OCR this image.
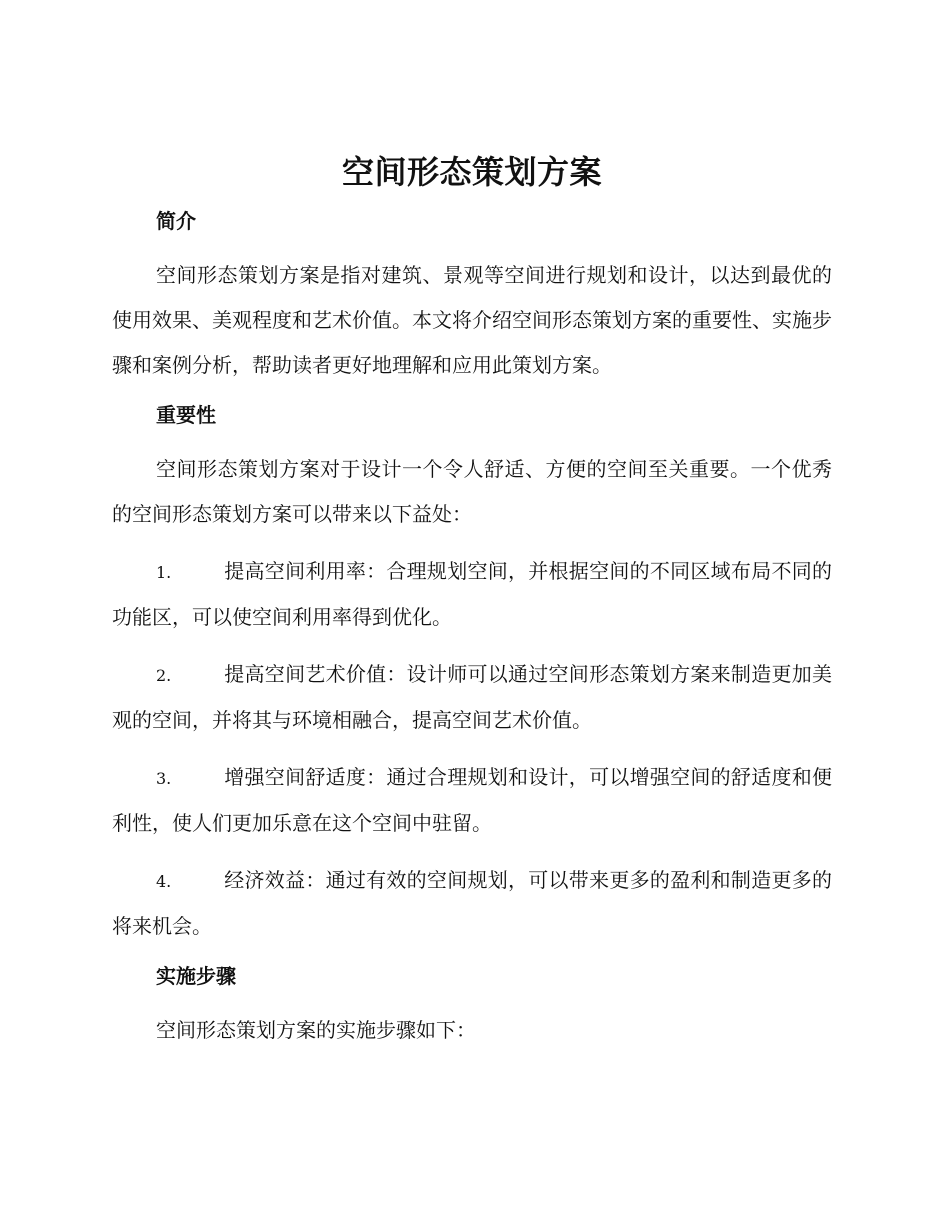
空间形态策划方案
简介

空间形态策划方案是指对建筑、景观等空间进行规划和设计，以达到最优的使用效果、美观程度和艺术价值。本文将介绍空间形态策划方案的重要性、实施步骤和案例分析，帮助读者更好地理解和应用此策划方案。

重要性

空间形态策划方案对于设计一个令人舒适、方便的空间至关重要。一个优秀的空间形态策划方案可以带来以下益处：

1.	提高空间利用率：合理规划空间，并根据空间的不同区域布局不同的功能区，可以使空间利用率得到优化。

2.	提高空间艺术价值：设计师可以通过空间形态策划方案来制造更加美观的空间，并将其与环境相融合，提高空间艺术价值。

3.	增强空间舒适度：通过合理规划和设计，可以增强空间的舒适度和便利性，使人们更加乐意在这个空间中驻留。

4.	经济效益：通过有效的空间规划，可以带来更多的盈利和制造更多的将来机会。

实施步骤

空间形态策划方案的实施步骤如下：
